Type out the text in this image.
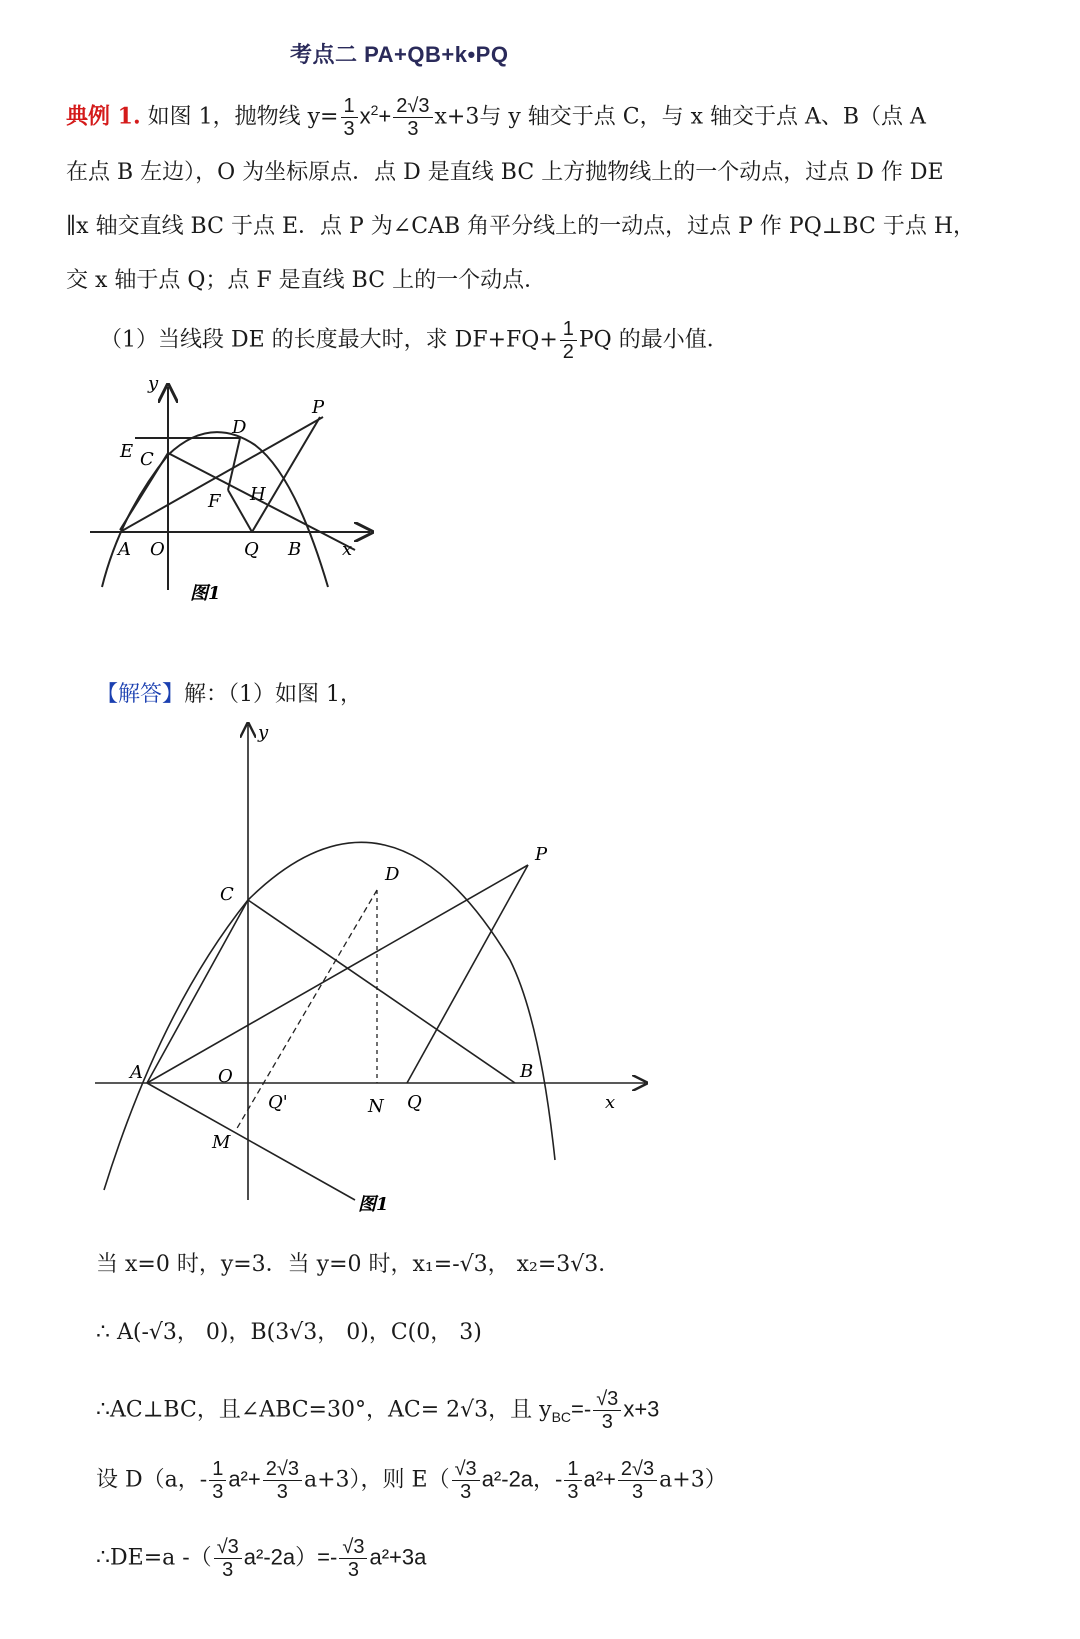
考点二 PA+QB+k•PQ
典例 1. 如图 1，抛物线 $y= \frac{1}{3} x^2+ \frac{2√3}{3} x+3$与 y 轴交于点 C，与 x 轴交于点 A、B（点 A
在点 B 左边），O 为坐标原点．点 D 是直线 BC 上方抛物线上的一个动点，过点 D 作 DE
∥x 轴交直线 BC 于点 E．点 P 为∠CAB 角平分线上的一动点，过点 P 作 PQ⊥BC 于点 H，
交 x 轴于点 Q；点 F 是直线 BC 上的一个动点．
（1）当线段 DE 的长度最大时，求 $DF+FQ+ \frac{1}{2}$ PQ 的最小值．
y
x
E C
D
P
F H
A O	Q B
图1
【解答】解：（1）如图 1，
y
x
C
D
P
A	O
Q'	N Q
B
M
图1
当 x=0 时，y=3．当 y=0 时，x₁=-√3， x₂=3√3．
∴ A(-√3， 0)，B(3√3， 0)，C(0， 3)
∴AC⊥BC，且∠ABC=30°，AC= 2√3，且 $y_{BC}=- \frac{√3}{3} x+3$
设 D（a，- $\frac{1}{3} a^2+ \frac{2√3}{3} a+3$），则 $E( \frac{√3}{3} a^2-2a$，- $\frac{1}{3} a^2+ \frac{2√3}{3} a+3$）
∴DE=a -（ $\frac{√3}{3} a^2-2a)=- \frac{√3}{3} a^2+3a$
